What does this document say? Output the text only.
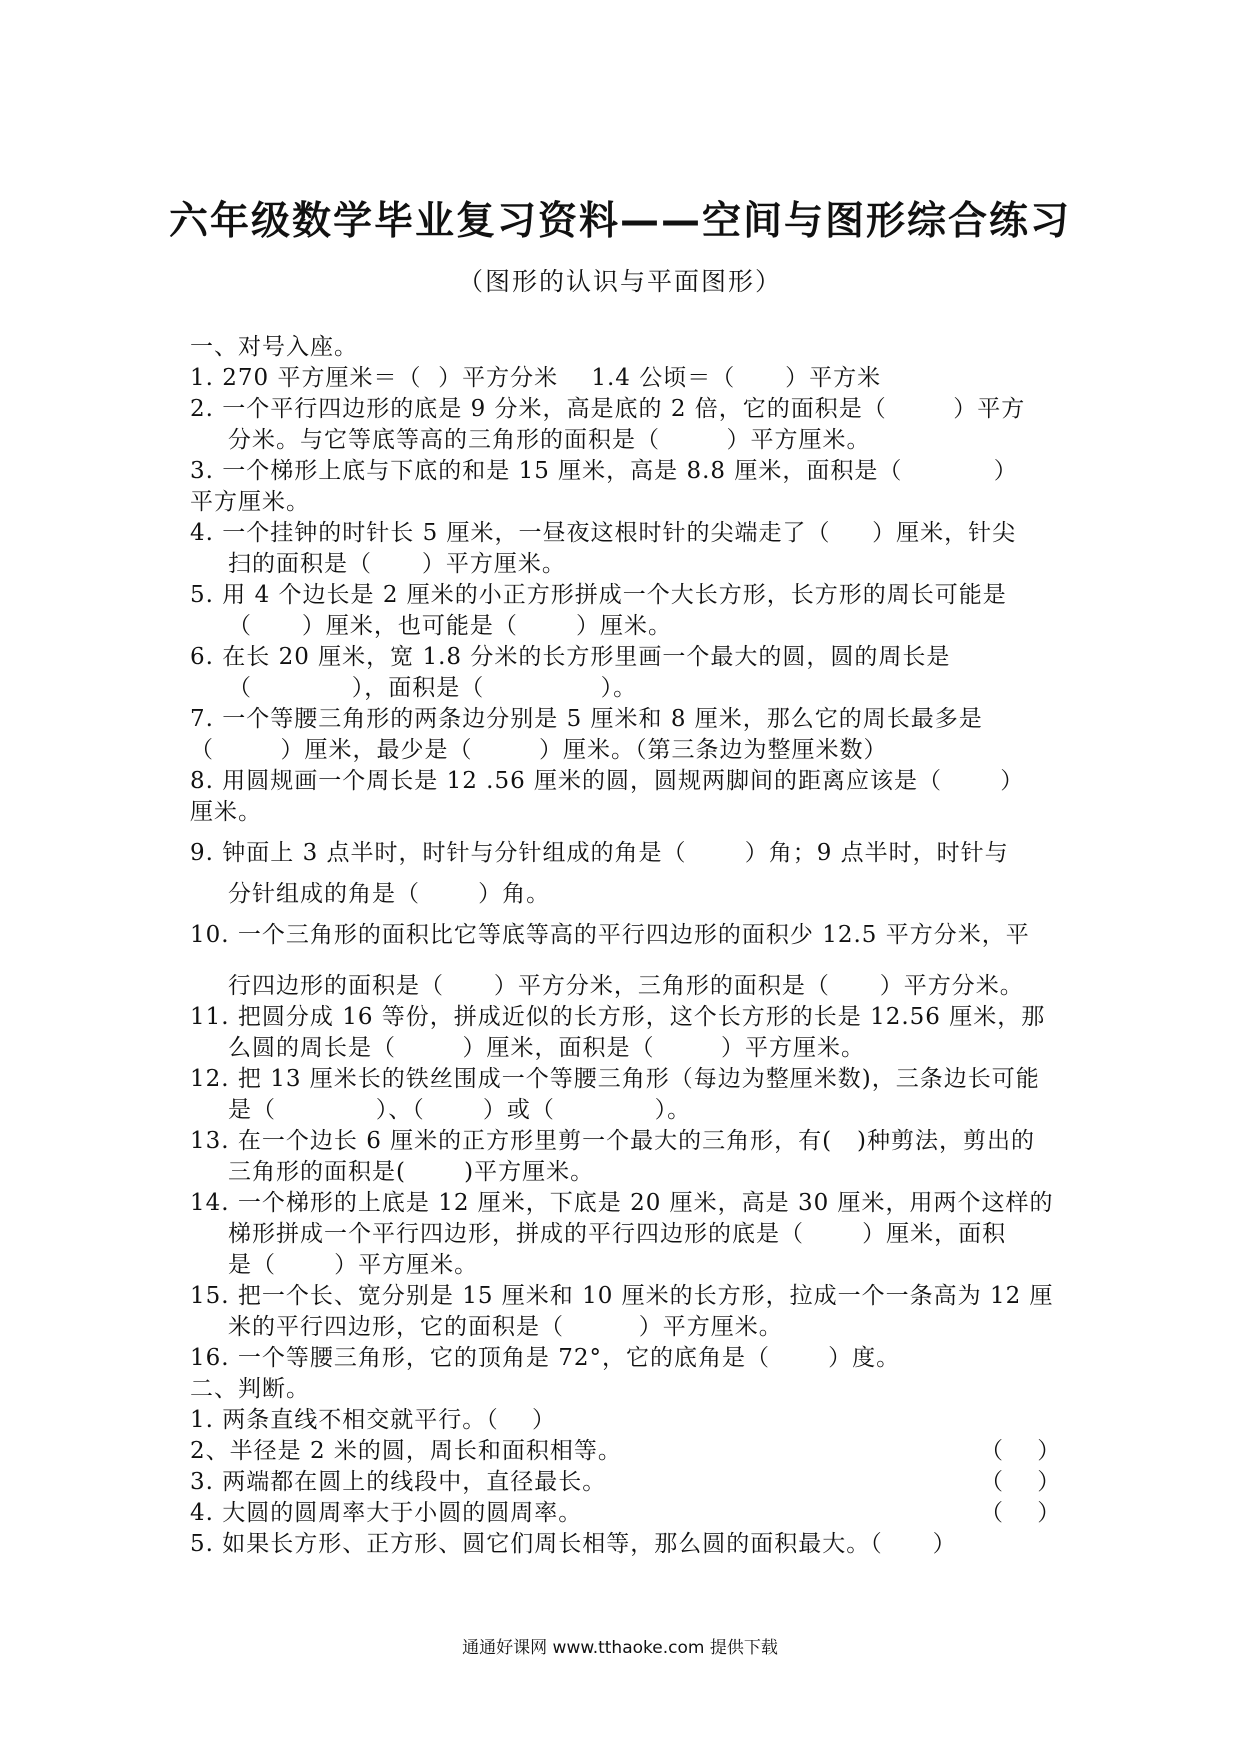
六年级数学毕业复习资料——空间与图形综合练习
（图形的认识与平面图形）
一、对号入座。
1. 270 平方厘米＝（  ）平方分米    1.4 公顷＝（      ）平方米
2. 一个平行四边形的底是 9 分米，高是底的 2 倍，它的面积是（        ）平方
分米。与它等底等高的三角形的面积是（        ）平方厘米。
3. 一个梯形上底与下底的和是 15 厘米，高是 8.8 厘米，面积是（           ）
平方厘米。
4. 一个挂钟的时针长 5 厘米，一昼夜这根时针的尖端走了（     ）厘米，针尖
扫的面积是（      ）平方厘米。
5. 用 4 个边长是 2 厘米的小正方形拼成一个大长方形，长方形的周长可能是
（      ）厘米，也可能是（       ）厘米。
6. 在长 20 厘米，宽 1.8 分米的长方形里画一个最大的圆，圆的周长是
（            ），面积是（              ）。
7. 一个等腰三角形的两条边分别是 5 厘米和 8 厘米，那么它的周长最多是
（        ）厘米，最少是（        ）厘米。（第三条边为整厘米数）
8. 用圆规画一个周长是 12 .56 厘米的圆，圆规两脚间的距离应该是（       ）
厘米。
9. 钟面上 3 点半时，时针与分针组成的角是（       ）角；9 点半时，时针与
分针组成的角是（       ）角。
10. 一个三角形的面积比它等底等高的平行四边形的面积少 12.5 平方分米，平
行四边形的面积是（      ）平方分米，三角形的面积是（      ）平方分米。
11. 把圆分成 16 等份，拼成近似的长方形，这个长方形的长是 12.56 厘米，那
么圆的周长是（        ）厘米，面积是（        ）平方厘米。
12. 把 13 厘米长的铁丝围成一个等腰三角形（每边为整厘米数)，三条边长可能
是（            ）、（       ）或（            ）。
13. 在一个边长 6 厘米的正方形里剪一个最大的三角形，有(   )种剪法，剪出的
三角形的面积是(       )平方厘米。
14. 一个梯形的上底是 12 厘米，下底是 20 厘米，高是 30 厘米，用两个这样的
梯形拼成一个平行四边形，拼成的平行四边形的底是（       ）厘米，面积
是（       ）平方厘米。
15. 把一个长、宽分别是 15 厘米和 10 厘米的长方形，拉成一个一条高为 12 厘
米的平行四边形，它的面积是（         ）平方厘米。
16. 一个等腰三角形，它的顶角是 72°，它的底角是（       ）度。
二、判断。
1. 两条直线不相交就平行。（    ）
2、半径是 2 米的圆，周长和面积相等。	（    ）
3. 两端都在圆上的线段中，直径最长。	（    ）
4. 大圆的圆周率大于小圆的圆周率。	（    ）
5. 如果长方形、正方形、圆它们周长相等，那么圆的面积最大。（      ）
通通好课网 www.tthaoke.com 提供下载
